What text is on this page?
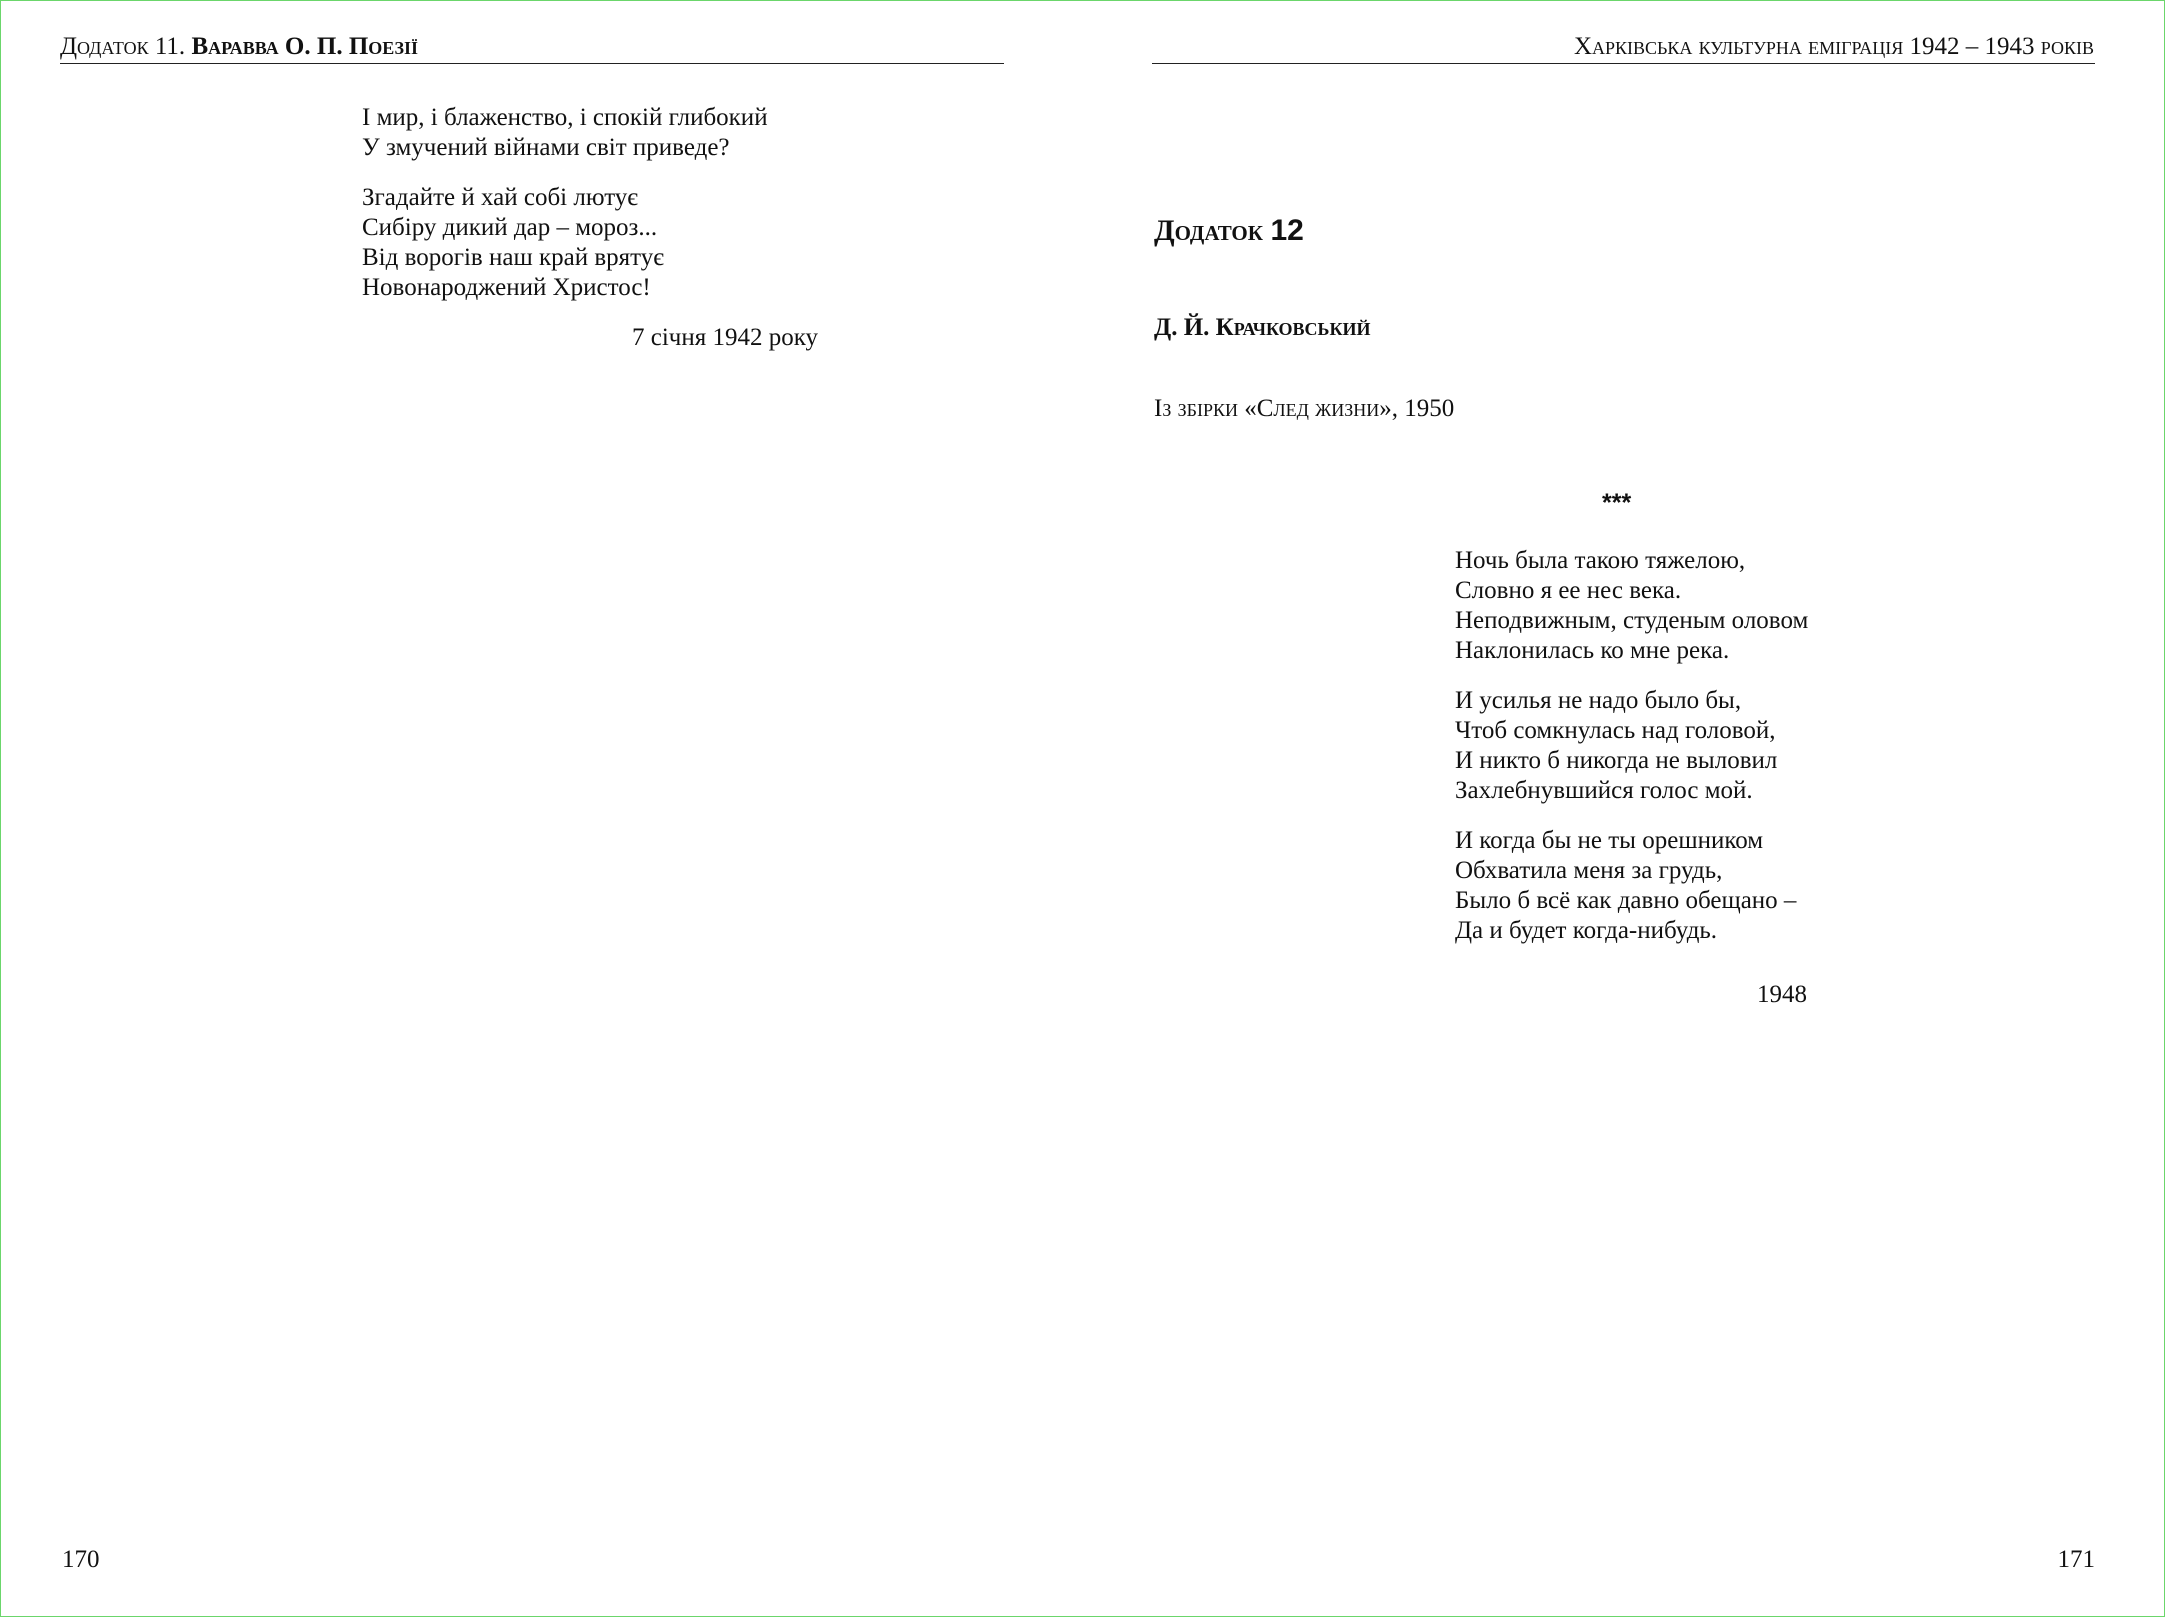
Додаток 11. Варавва О. П. Поезії
І мир, і блаженство, і спокій глибокий
У змучений війнами світ приведе?
Згадайте й хай собі лютує
Сибіру дикий дар – мороз...
Від ворогів наш край врятує
Новонароджений Христос!
7 січня 1942 року
170
Харківська культурна еміграція 1942 – 1943 років
Додаток 12
Д. Й. Крачковський
Із збірки «След жизни», 1950
***
Ночь была такою тяжелою,
Словно я ее нес века.
Неподвижным, студеным оловом
Наклонилась ко мне река.
И усилья не надо было бы,
Чтоб сомкнулась над головой,
И никто б никогда не выловил
Захлебнувшийся голос мой.
И когда бы не ты орешником
Обхватила меня за грудь,
Было б всё как давно обещано –
Да и будет когда-нибудь.
1948
171
